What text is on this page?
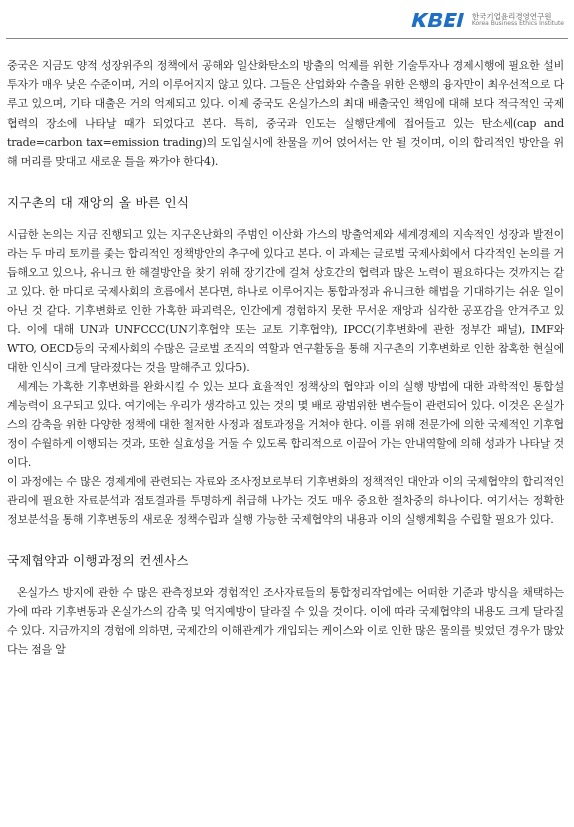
KBEI
한국기업윤리경영연구원
Korea Business Ethics Institute

중국은 지금도 양적 성장위주의 정책에서 공해와 일산화탄소의 방출의 억제를 위한 기술투자나 경제시행에 필요한 설비투자가 매우 낮은 수준이며, 거의 이루어지지 않고 있다. 그들은 산업화와 수출을 위한 은행의 융자만이 최우선적으로 다루고 있으며, 기타 대출은 거의 억제되고 있다. 이제 중국도 온실가스의 최대 배출국인 책임에 대해 보다 적극적인 국제협력의 장소에 나타날 때가 되었다고 본다. 특히, 중국과 인도는 실행단계에 접어들고 있는 탄소세(cap and trade=carbon tax=emission trading)의 도입실시에 찬물을 끼어 얹어서는 안 될 것이며, 이의 합리적인 방안을 위해 머리를 맞대고 새로운 틀을 짜가야 한다4).

지구촌의 대 재앙의 올 바른 인식

시급한 논의는 지금 진행되고 있는 지구온난화의 주범인 이산화 가스의 방출억제와 세계경제의 지속적인 성장과 발전이라는 두 마리 토끼를 좇는 합리적인 정책방안의 추구에 있다고 본다. 이 과제는 글로벌 국제사회에서 다각적인 논의를 거듭해오고 있으나, 유니크 한 해결방안을 찾기 위해 장기간에 걸쳐 상호간의 협력과 많은 노력이 필요하다는 것까지는 같고 있다. 한 마디로 국제사회의 흐름에서 본다면, 하나로 이루어지는 통합과정과 유니크한 해법을 기대하기는 쉬운 일이 아닌 것 같다. 기후변화로 인한 가혹한 파괴력은, 인간에게 경험하지 못한 무서운 재앙과 심각한 공포감을 안겨주고 있다. 이에 대해 UN과 UNFCCC(UN기후협약 또는 교토 기후협약), IPCC(기후변화에 관한 정부간 패널), IMF와 WTO, OECD등의 국제사회의 수많은 글로벌 조직의 역할과 연구활동을 통해 지구촌의 기후변화로 인한 참혹한 현실에 대한 인식이 크게 달라졌다는 것을 말해주고 있다5).

세계는 가혹한 기후변화를 완화시킬 수 있는 보다 효율적인 정책상의 협약과 이의 실행 방법에 대한 과학적인 통합설계능력이 요구되고 있다. 여기에는 우리가 생각하고 있는 것의 몇 배로 광범위한 변수들이 관련되어 있다. 이것은 온실가스의 감축을 위한 다양한 정책에 대한 철저한 사정과 점토과정을 거쳐야 한다. 이를 위해 전문가에 의한 국제적인 기후협정이 수월하게 이행되는 것과, 또한 실효성을 거둘 수 있도록 합리적으로 이끌어 가는 안내역할에 의해 성과가 나타날 것이다.

이 과정에는 수 많은 경제계에 관련되는 자료와 조사정보로부터 기후변화의 정책적인 대안과 이의 국제협약의 합리적인 관리에 필요한 자료분석과 점토결과를 투명하게 취급해 나가는 것도 매우 중요한 절차중의 하나이다. 여기서는 정확한 정보분석을 통해 기후변동의 새로운 정책수립과 실행 가능한 국제협약의 내용과 이의 실행계획을 수립할 필요가 있다.

국제협약과 이행과정의 컨센사스

온실가스 방지에 관한 수 많은 관측정보와 경험적인 조사자료들의 통합정리작업에는 어떠한 기준과 방식을 채택하는가에 따라 기후변동과 온실가스의 감축 및 억지예방이 달라질 수 있을 것이다. 이에 따라 국제협약의 내용도 크게 달라질 수 있다. 지금까지의 경험에 의하면, 국제간의 이해관계가 개입되는 케이스와 이로 인한 많은 물의를 빚었던 경우가 많았다는 점을 알
